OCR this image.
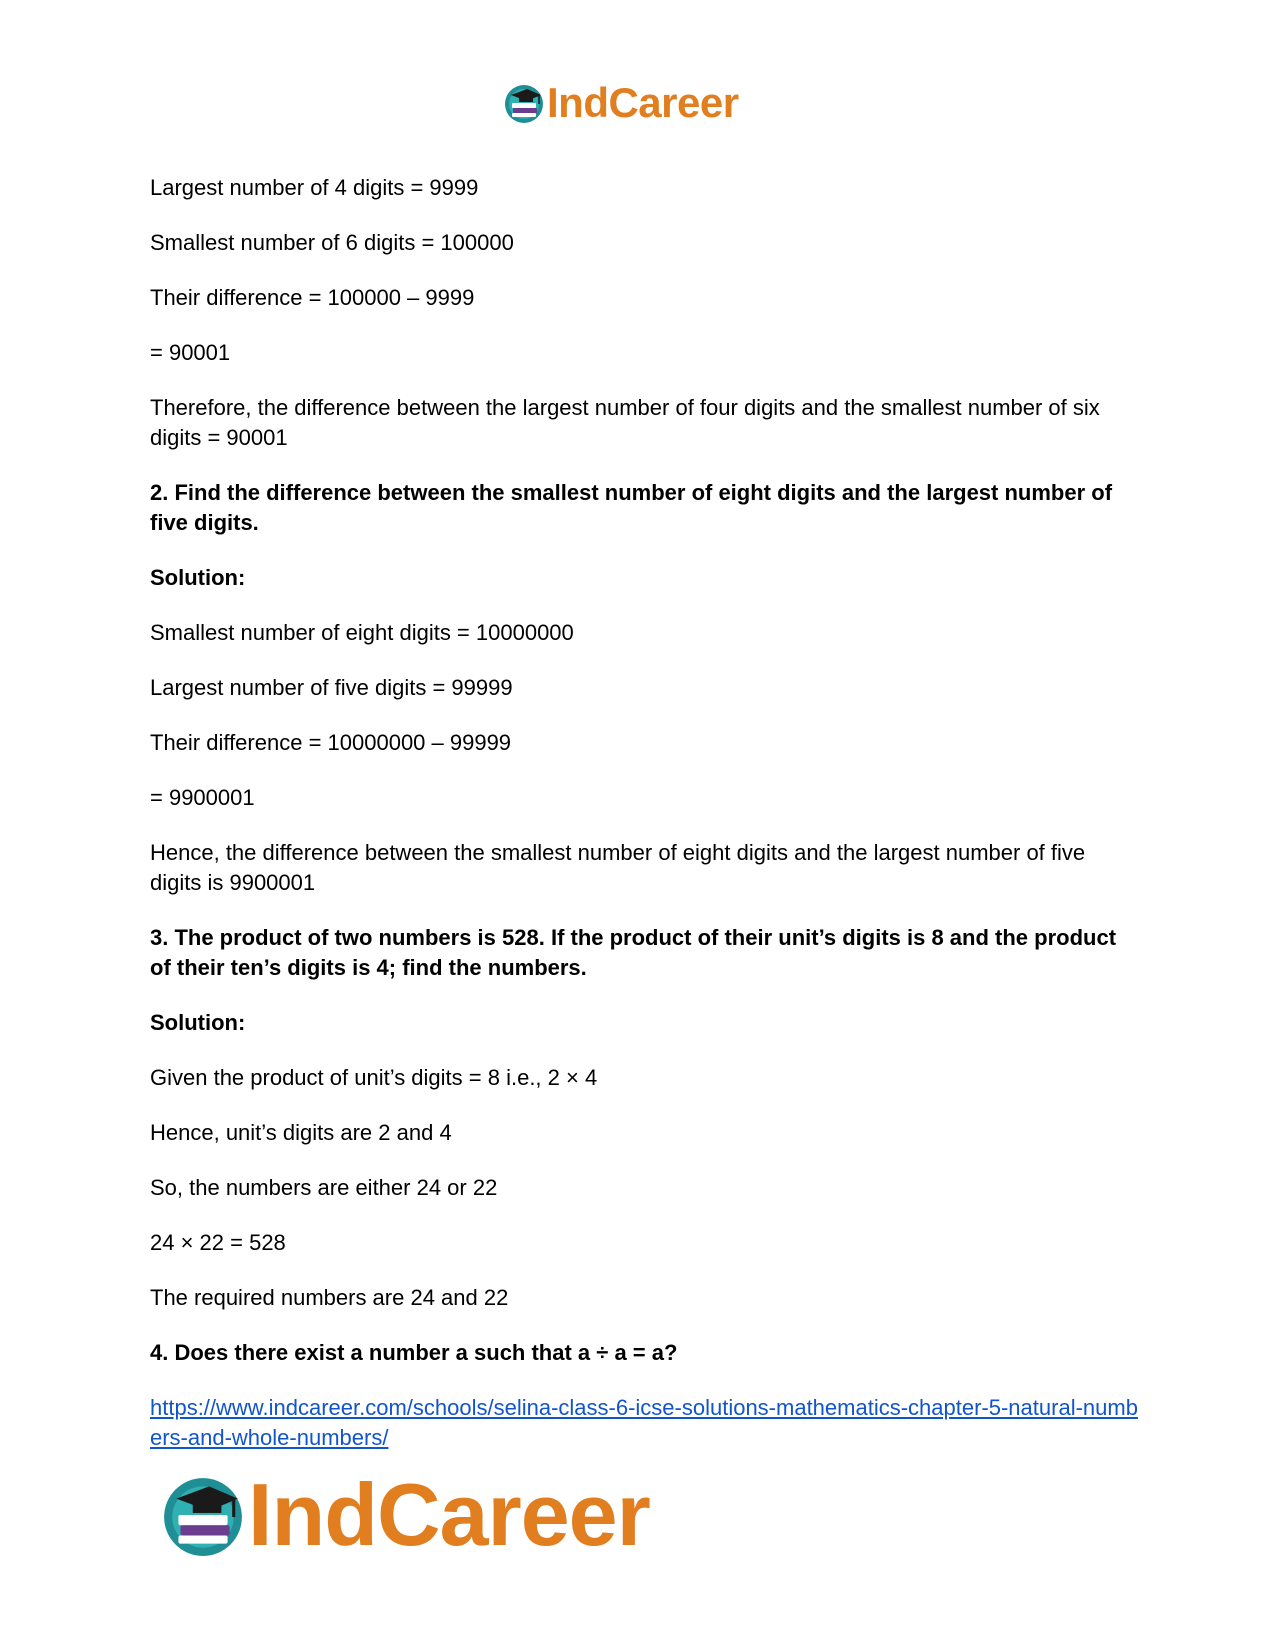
IndCareer

Largest number of 4 digits = 9999

Smallest number of 6 digits = 100000

Their difference = 100000 – 9999

= 90001

Therefore, the difference between the largest number of four digits and the smallest number of six digits = 90001

2. Find the difference between the smallest number of eight digits and the largest number of five digits.

Solution:

Smallest number of eight digits = 10000000

Largest number of five digits = 99999

Their difference = 10000000 – 99999

= 9900001

Hence, the difference between the smallest number of eight digits and the largest number of five digits is 9900001

3. The product of two numbers is 528. If the product of their unit’s digits is 8 and the product of their ten’s digits is 4; find the numbers.

Solution:

Given the product of unit’s digits = 8 i.e., 2 × 4

Hence, unit’s digits are 2 and 4

So, the numbers are either 24 or 22

24 × 22 = 528

The required numbers are 24 and 22

4. Does there exist a number a such that a ÷ a = a?

https://www.indcareer.com/schools/selina-class-6-icse-solutions-mathematics-chapter-5-natural-numbers-and-whole-numbers/
IndCareer
